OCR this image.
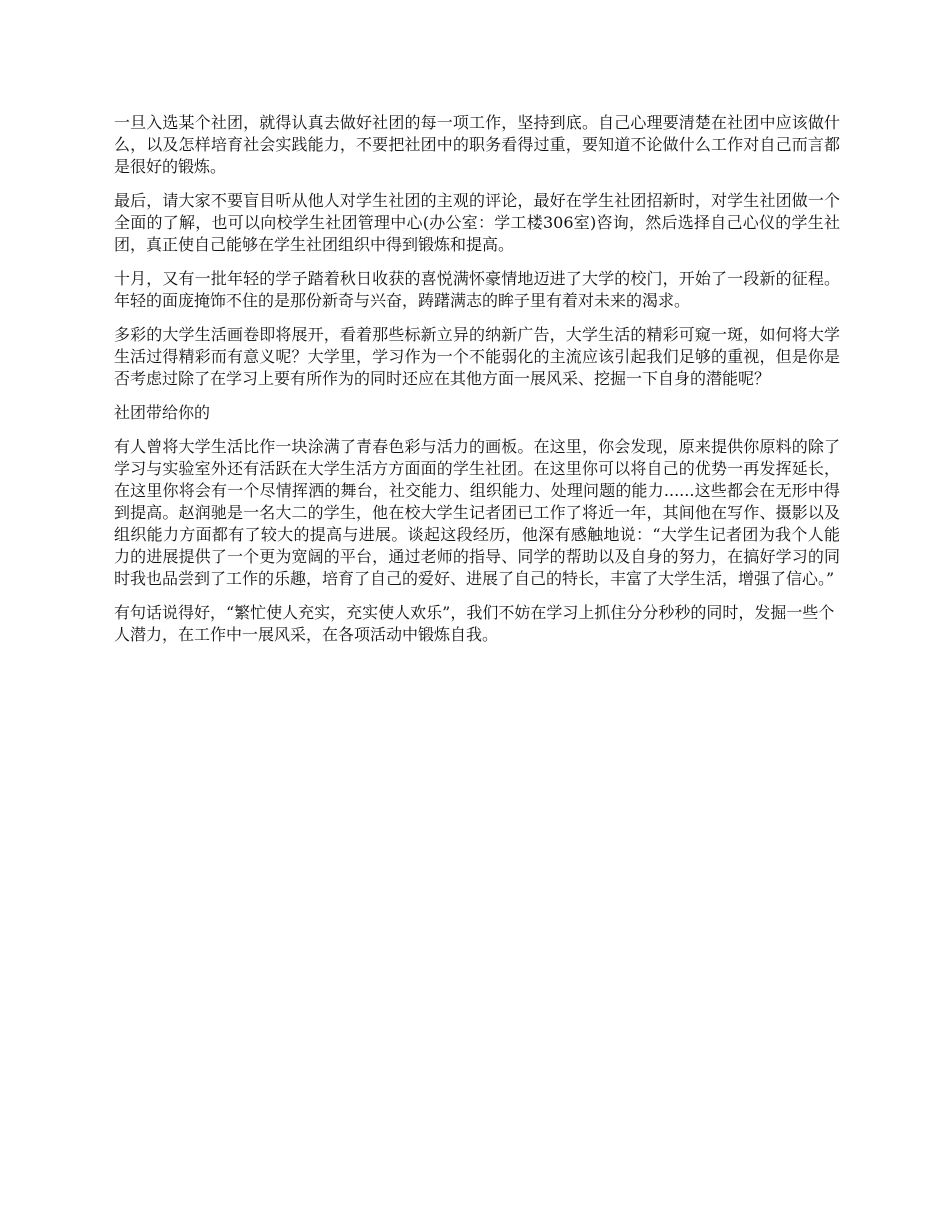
一旦入选某个社团，就得认真去做好社团的每一项工作，坚持到底。自己心理要清楚在社团中应该做什么，以及怎样培育社会实践能力，不要把社团中的职务看得过重，要知道不论做什么工作对自己而言都是很好的锻炼。

最后，请大家不要盲目听从他人对学生社团的主观的评论，最好在学生社团招新时，对学生社团做一个全面的了解，也可以向校学生社团管理中心(办公室：学工楼306室)咨询，然后选择自己心仪的学生社团，真正使自己能够在学生社团组织中得到锻炼和提高。

十月，又有一批年轻的学子踏着秋日收获的喜悦满怀豪情地迈进了大学的校门，开始了一段新的征程。年轻的面庞掩饰不住的是那份新奇与兴奋，踌躇满志的眸子里有着对未来的渴求。

多彩的大学生活画卷即将展开，看着那些标新立异的纳新广告，大学生活的精彩可窥一斑，如何将大学生活过得精彩而有意义呢？大学里，学习作为一个不能弱化的主流应该引起我们足够的重视，但是你是否考虑过除了在学习上要有所作为的同时还应在其他方面一展风采、挖掘一下自身的潜能呢？

社团带给你的

有人曾将大学生活比作一块涂满了青春色彩与活力的画板。在这里，你会发现，原来提供你原料的除了学习与实验室外还有活跃在大学生活方方面面的学生社团。在这里你可以将自己的优势一再发挥延长，在这里你将会有一个尽情挥洒的舞台，社交能力、组织能力、处理问题的能力......这些都会在无形中得到提高。赵润驰是一名大二的学生，他在校大学生记者团已工作了将近一年，其间他在写作、摄影以及组织能力方面都有了较大的提高与进展。谈起这段经历，他深有感触地说：“大学生记者团为我个人能力的进展提供了一个更为宽阔的平台，通过老师的指导、同学的帮助以及自身的努力，在搞好学习的同时我也品尝到了工作的乐趣，培育了自己的爱好、进展了自己的特长，丰富了大学生活，增强了信心。”

有句话说得好，“繁忙使人充实，充实使人欢乐”，我们不妨在学习上抓住分分秒秒的同时，发掘一些个人潜力，在工作中一展风采，在各项活动中锻炼自我。
